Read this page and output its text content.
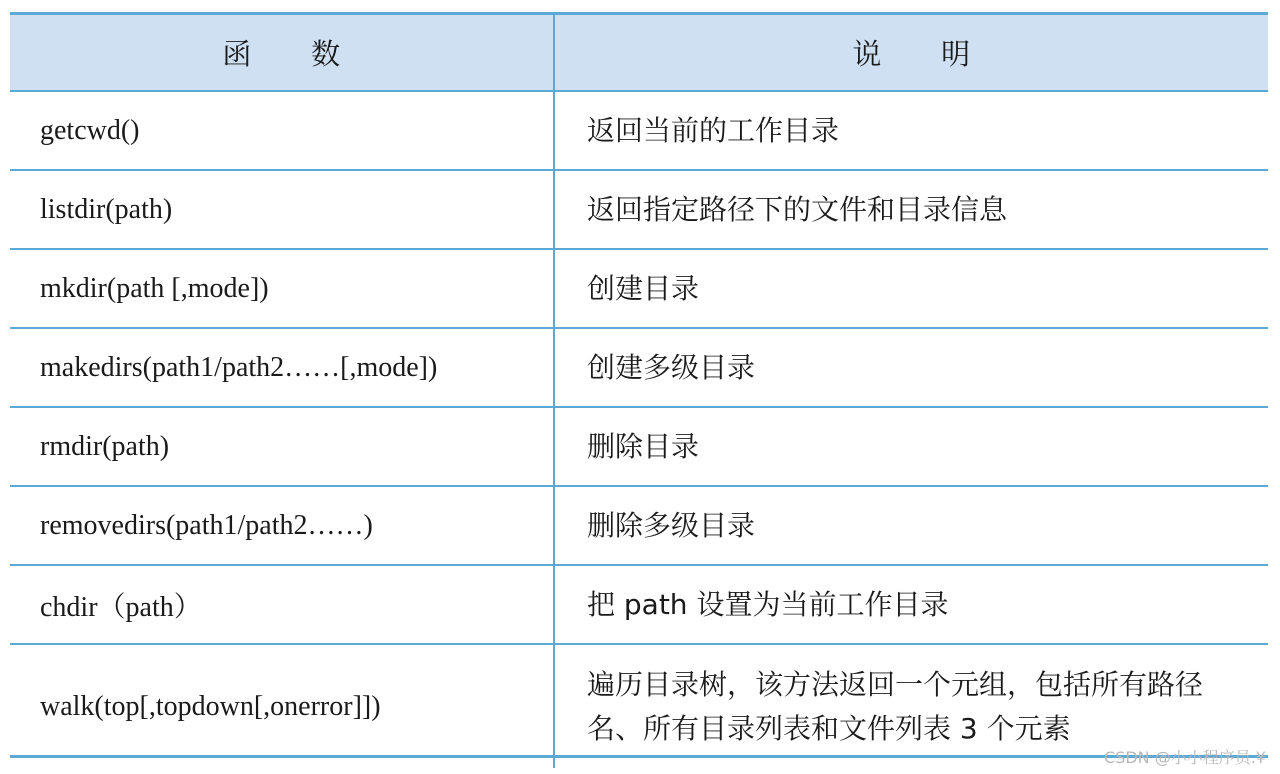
函　　数	说　　明
getcwd()	返回当前的工作目录
listdir(path)	返回指定路径下的文件和目录信息
mkdir(path [,mode])	创建目录
makedirs(path1/path2……[,mode])	创建多级目录
rmdir(path)	删除目录
removedirs(path1/path2……)	删除多级目录
chdir（path）	把 path 设置为当前工作目录
walk(top[,topdown[,onerror]])	遍历目录树，该方法返回一个元组，包括所有路径名、所有目录列表和文件列表 3 个元素
CSDN @小小程序员.¥
